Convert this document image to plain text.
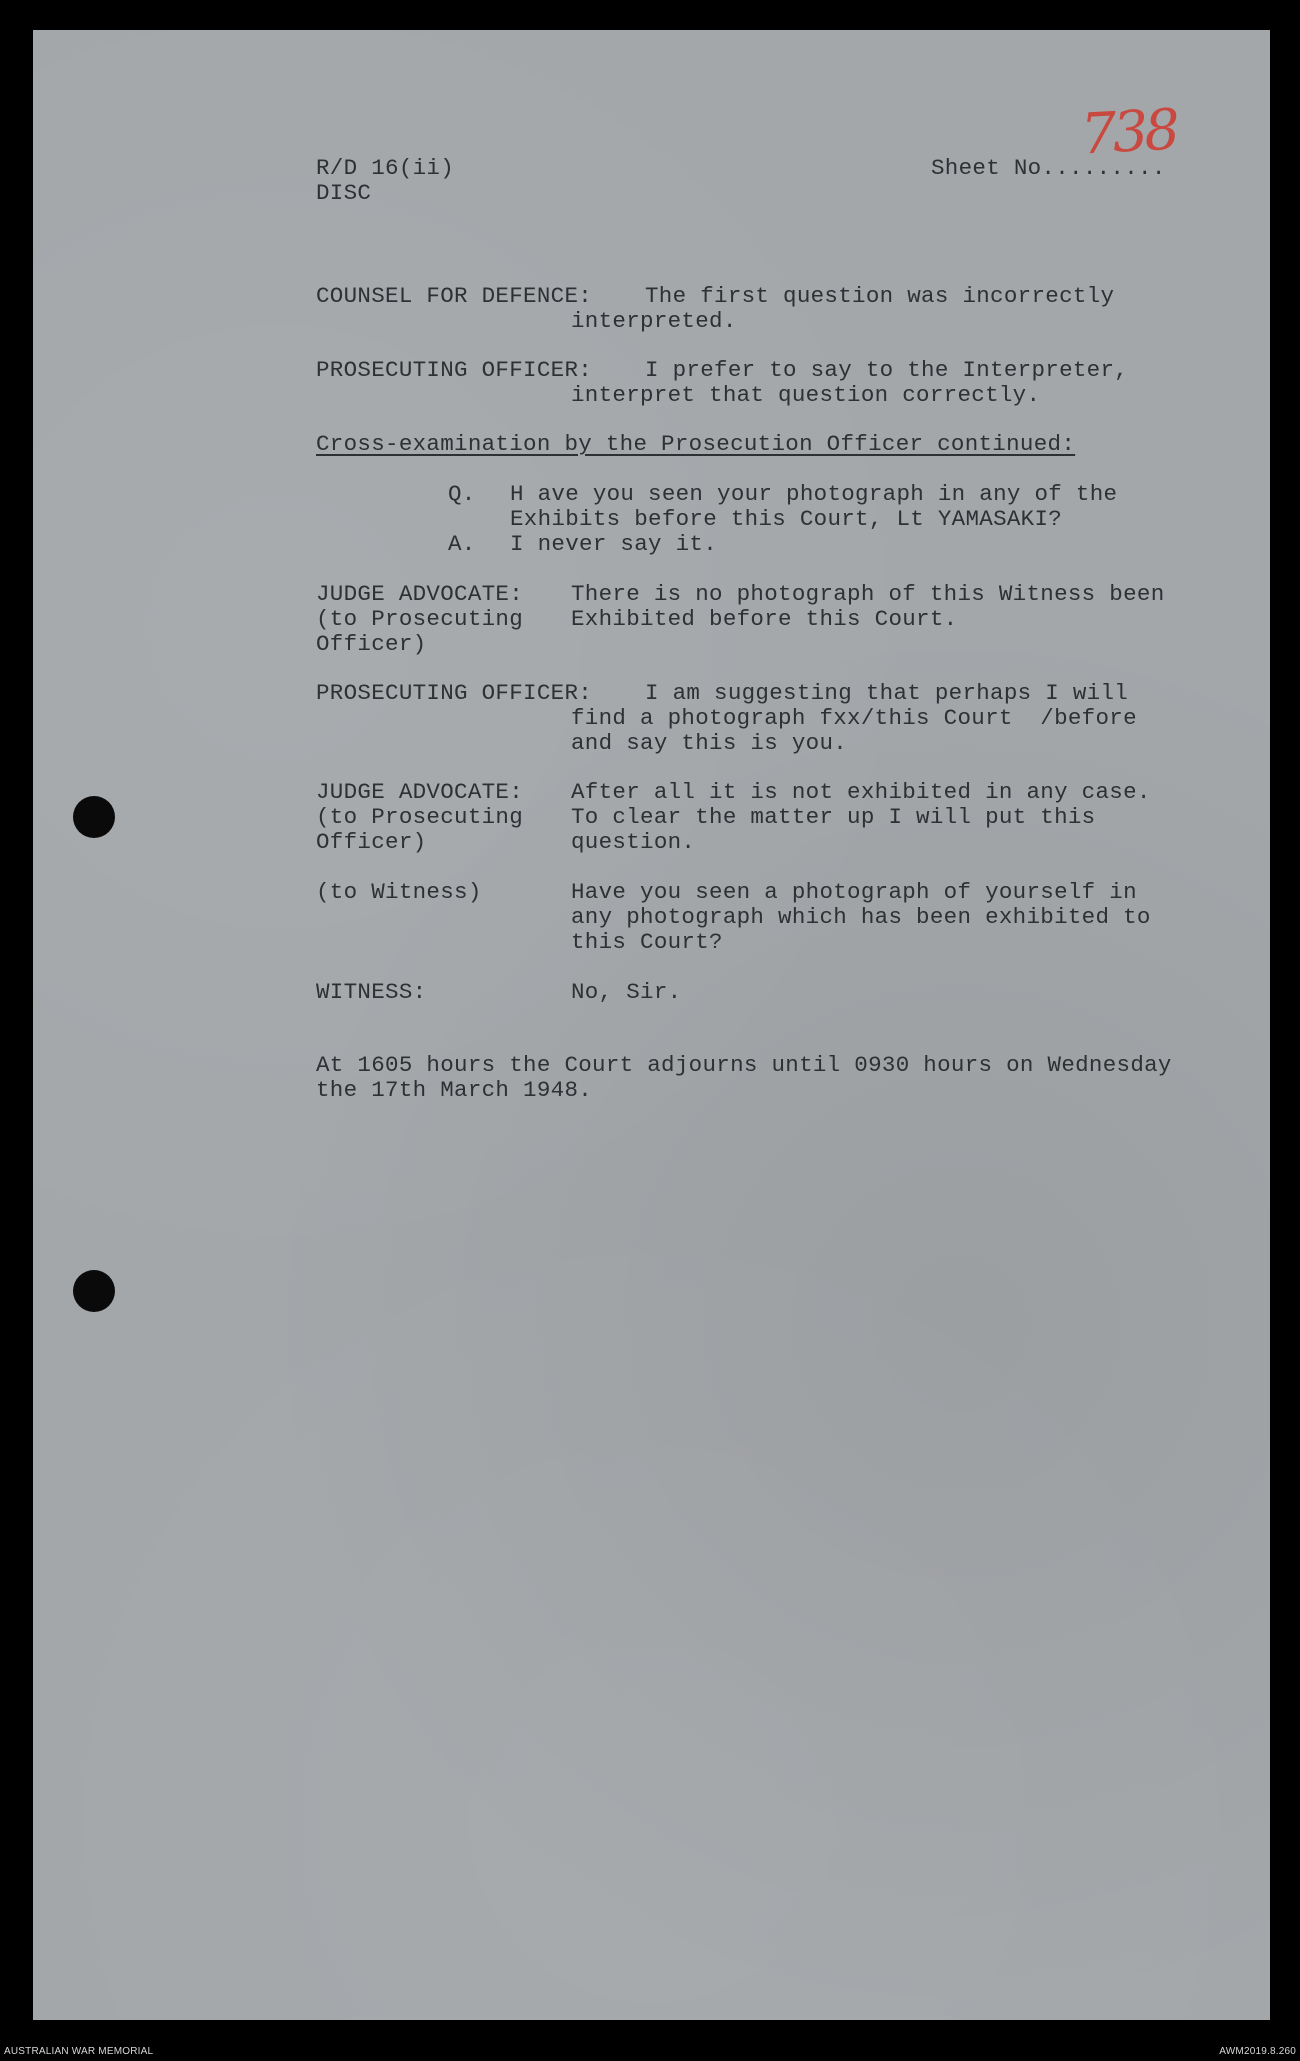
R/D 16(ii)
DISC
Sheet No.........
738
COUNSEL FOR DEFENCE: The first question was incorrectly
interpreted.
PROSECUTING OFFICER: I prefer to say to the Interpreter,
interpret that question correctly.
Cross-examination by the Prosecution Officer continued:
Q. H ave you seen your photograph in any of the
Exhibits before this Court, Lt YAMASAKI?
A. I never say it.
JUDGE ADVOCATE:
(to Prosecuting
Officer)
There is no photograph of this Witness been
Exhibited before this Court.
PROSECUTING OFFICER: I am suggesting that perhaps I will
find a photograph fxx/this Court  /before
and say this is you.
JUDGE ADVOCATE:
(to Prosecuting
Officer)
After all it is not exhibited in any case.
To clear the matter up I will put this
question.
(to Witness)	Have you seen a photograph of yourself in
any photograph which has been exhibited to
this Court?
WITNESS:	No, Sir.
At 1605 hours the Court adjourns until 0930 hours on Wednesday
the 17th March 1948.
AUSTRALIAN WAR MEMORIAL	AWM2019.8.260
